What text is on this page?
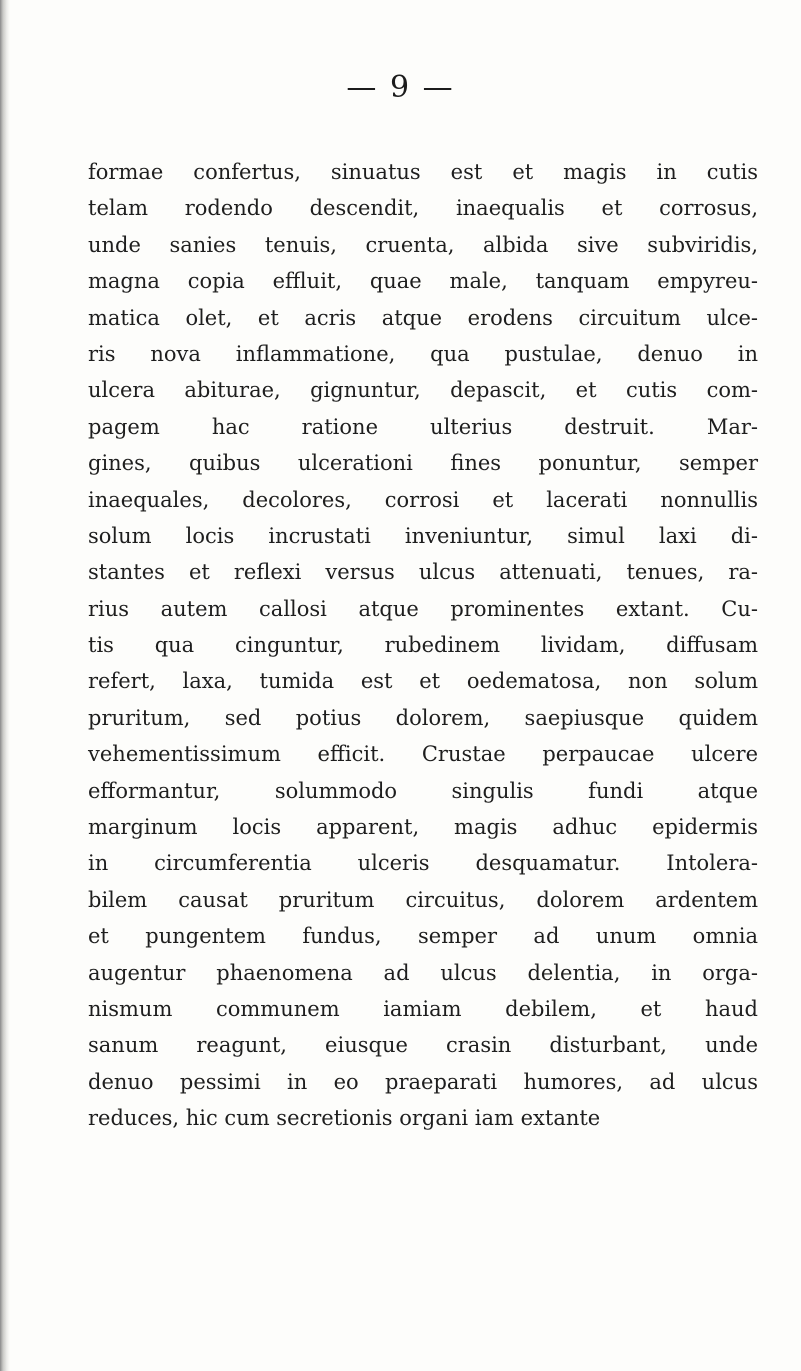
— 9 —
formae confertus, sinuatus est et magis in cutis
telam rodendo descendit, inaequalis et corrosus,
unde sanies tenuis, cruenta, albida sive subviridis,
magna copia effluit, quae male, tanquam empyreu-
matica olet, et acris atque erodens circuitum ulce-
ris nova inflammatione, qua pustulae, denuo in
ulcera abiturae, gignuntur, depascit, et cutis com-
pagem hac ratione ulterius destruit. Mar-
gines, quibus ulcerationi fines ponuntur, semper
inaequales, decolores, corrosi et lacerati nonnullis
solum locis incrustati inveniuntur, simul laxi di-
stantes et reflexi versus ulcus attenuati, tenues, ra-
rius autem callosi atque prominentes extant. Cu-
tis qua cinguntur, rubedinem lividam, diffusam
refert, laxa, tumida est et oedematosa, non solum
pruritum, sed potius dolorem, saepiusque quidem
vehementissimum efficit. Crustae perpaucae ulcere
efformantur, solummodo singulis fundi atque
marginum locis apparent, magis adhuc epidermis
in circumferentia ulceris desquamatur. Intolera-
bilem causat pruritum circuitus, dolorem ardentem
et pungentem fundus, semper ad unum omnia
augentur phaenomena ad ulcus delentia, in orga-
nismum communem iamiam debilem, et haud
sanum reagunt, eiusque crasin disturbant, unde
denuo pessimi in eo praeparati humores, ad ulcus
reduces, hic cum secretionis organi iam extante
